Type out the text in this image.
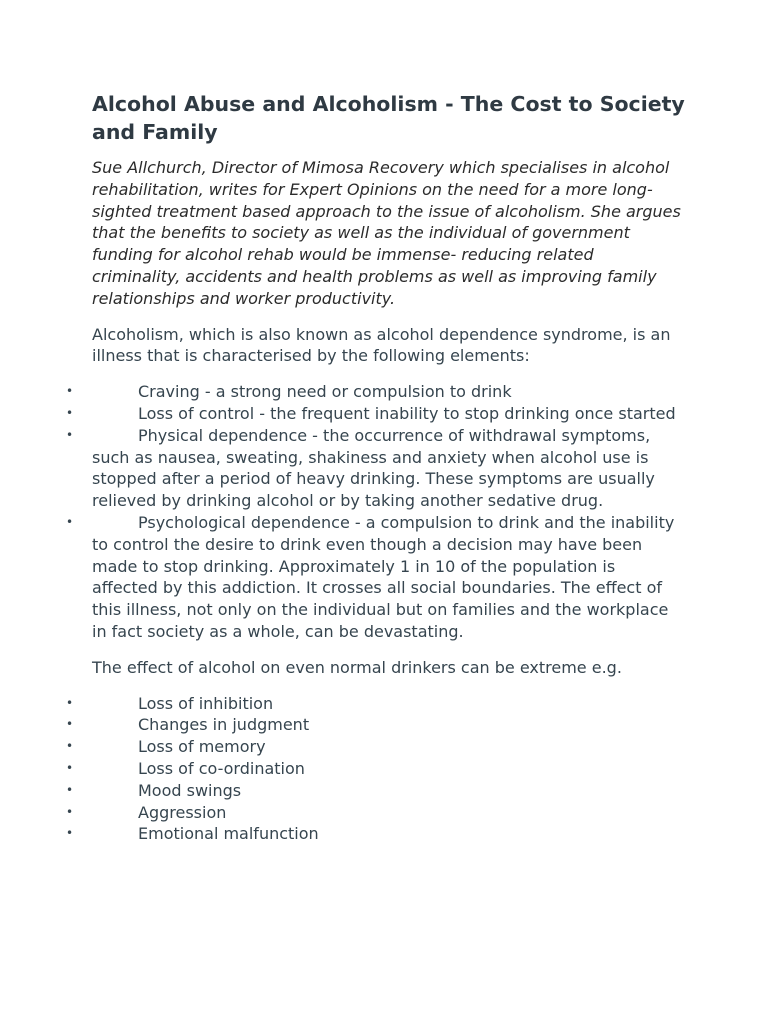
Alcohol Abuse and Alcoholism - The Cost to Society and Family

Sue Allchurch, Director of Mimosa Recovery which specialises in alcohol rehabilitation, writes for Expert Opinions on the need for a more long-sighted treatment based approach to the issue of alcoholism. She argues that the benefits to society as well as the individual of government funding for alcohol rehab would be immense- reducing related criminality, accidents and health problems as well as improving family relationships and worker productivity.

Alcoholism, which is also known as alcohol dependence syndrome, is an illness that is characterised by the following elements:

•	Craving - a strong need or compulsion to drink
•	Loss of control - the frequent inability to stop drinking once started
•	Physical dependence - the occurrence of withdrawal symptoms, such as nausea, sweating, shakiness and anxiety when alcohol use is stopped after a period of heavy drinking. These symptoms are usually relieved by drinking alcohol or by taking another sedative drug.
•	Psychological dependence - a compulsion to drink and the inability to control the desire to drink even though a decision may have been made to stop drinking. Approximately 1 in 10 of the population is affected by this addiction. It crosses all social boundaries. The effect of this illness, not only on the individual but on families and the workplace in fact society as a whole, can be devastating.

The effect of alcohol on even normal drinkers can be extreme e.g.

•	Loss of inhibition
•	Changes in judgment
•	Loss of memory
•	Loss of co-ordination
•	Mood swings
•	Aggression
•	Emotional malfunction
